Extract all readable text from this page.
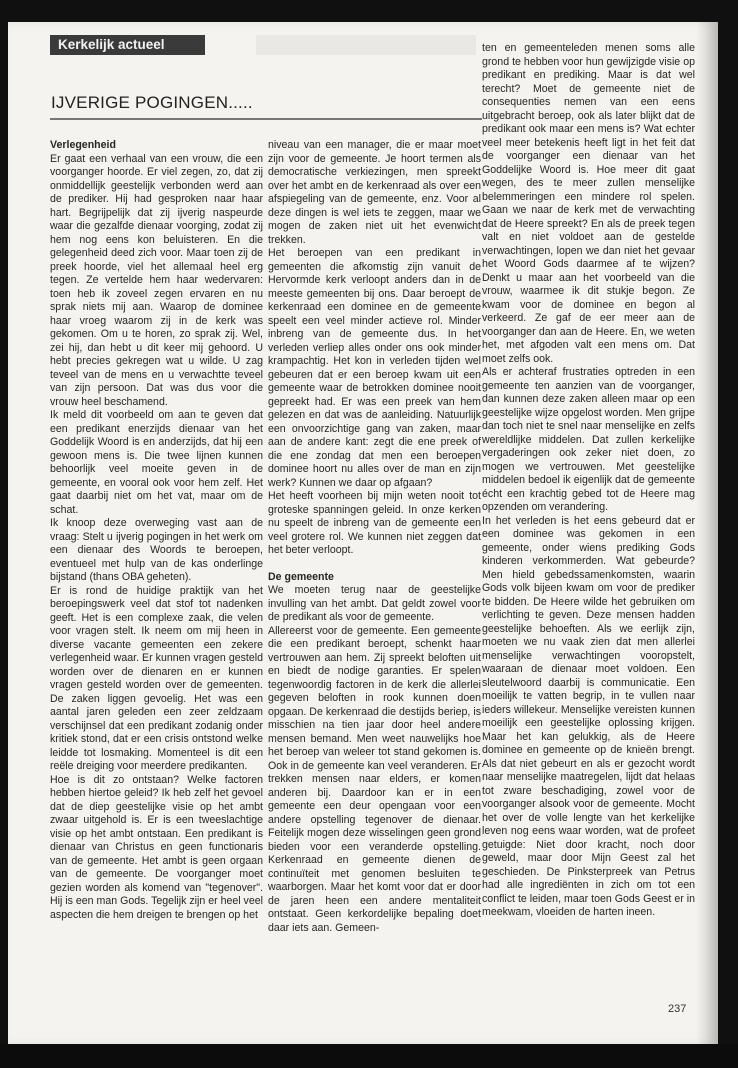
Kerkelijk actueel
IJVERIGE POGINGEN.....
Verlegenheid
Er gaat een verhaal van een vrouw, die een voorganger hoorde. Er viel zegen, zo, dat zij onmiddellijk geestelijk verbonden werd aan de prediker. Hij had gesproken naar haar hart. Begrijpelijk dat zij ijverig naspeurde waar die gezalfde dienaar voorging, zodat zij hem nog eens kon beluisteren. En die gelegenheid deed zich voor. Maar toen zij de preek hoorde, viel het allemaal heel erg tegen. Ze vertelde hem haar wedervaren: toen heb ik zoveel zegen ervaren en nu sprak niets mij aan. Waarop de dominee haar vroeg waarom zij in de kerk was gekomen. Om u te horen, zo sprak zij. Wel, zei hij, dan hebt u dit keer mij gehoord. U hebt precies gekregen wat u wilde. U zag teveel van de mens en u verwachtte teveel van zijn persoon. Dat was dus voor die vrouw heel beschamend.
Ik meld dit voorbeeld om aan te geven dat een predikant enerzijds dienaar van het Goddelijk Woord is en anderzijds, dat hij een gewoon mens is. Die twee lijnen kunnen behoorlijk veel moeite geven in de gemeente, en vooral ook voor hem zelf. Het gaat daarbij niet om het vat, maar om de schat.
Ik knoop deze overweging vast aan de vraag: Stelt u ijverig pogingen in het werk om een dienaar des Woords te beroepen, eventueel met hulp van de kas onderlinge bijstand (thans OBA geheten).
Er is rond de huidige praktijk van het beroepingswerk veel dat stof tot nadenken geeft. Het is een complexe zaak, die velen voor vragen stelt. Ik neem om mij heen in diverse vacante gemeenten een zekere verlegenheid waar. Er kunnen vragen gesteld worden over de dienaren en er kunnen vragen gesteld worden over de gemeenten. De zaken liggen gevoelig. Het was een aantal jaren geleden een zeer zeldzaam verschijnsel dat een predikant zodanig onder kritiek stond, dat er een crisis ontstond welke leidde tot losmaking. Momenteel is dit een reële dreiging voor meerdere predikanten.
Hoe is dit zo ontstaan? Welke factoren hebben hiertoe geleid? Ik heb zelf het gevoel dat de diep geestelijke visie op het ambt zwaar uitgehold is. Er is een tweeslachtige visie op het ambt ontstaan. Een predikant is dienaar van Christus en geen functionaris van de gemeente. Het ambt is geen orgaan van de gemeente. De voorganger moet gezien worden als komend van "tegenover". Hij is een man Gods. Tegelijk zijn er heel veel aspecten die hem dreigen te brengen op het
niveau van een manager, die er maar moet zijn voor de gemeente. Je hoort termen als democratische verkiezingen, men spreekt over het ambt en de kerkenraad als over een afspiegeling van de gemeente, enz. Voor al deze dingen is wel iets te zeggen, maar we mogen de zaken niet uit het evenwicht trekken.
Het beroepen van een predikant in gemeenten die afkomstig zijn vanuit de Hervormde kerk verloopt anders dan in de meeste gemeenten bij ons. Daar beroept de kerkenraad een dominee en de gemeente speelt een veel minder actieve rol. Minder inbreng van de gemeente dus. In het verleden verliep alles onder ons ook minder krampachtig. Het kon in verleden tijden wel gebeuren dat er een beroep kwam uit een gemeente waar de betrokken dominee nooit gepreekt had. Er was een preek van hem gelezen en dat was de aanleiding. Natuurlijk een onvoorzichtige gang van zaken, maar aan de andere kant: zegt die ene preek of die ene zondag dat men een beroepen dominee hoort nu alles over de man en zijn werk? Kunnen we daar op afgaan?
Het heeft voorheen bij mijn weten nooit tot groteske spanningen geleid. In onze kerken nu speelt de inbreng van de gemeente een veel grotere rol. We kunnen niet zeggen dat het beter verloopt.
De gemeente
We moeten terug naar de geestelijke invulling van het ambt. Dat geldt zowel voor de predikant als voor de gemeente.
Allereerst voor de gemeente. Een gemeente die een predikant beroept, schenkt haar vertrouwen aan hem. Zij spreekt beloften uit en biedt de nodige garanties. Er spelen tegenwoordig factoren in de kerk die allerlei gegeven beloften in rook kunnen doen opgaan. De kerkenraad die destijds beriep, is misschien na tien jaar door heel andere mensen bemand. Men weet nauwelijks hoe het beroep van weleer tot stand gekomen is. Ook in de gemeente kan veel veranderen. Er trekken mensen naar elders, er komen anderen bij. Daardoor kan er in een gemeente een deur opengaan voor een andere opstelling tegenover de dienaar. Feitelijk mogen deze wisselingen geen grond bieden voor een veranderde opstelling. Kerkenraad en gemeente dienen de continuïteit met genomen besluiten te waarborgen. Maar het komt voor dat er door de jaren heen een andere mentaliteit ontstaat. Geen kerkordelijke bepaling doet daar iets aan. Gemeen-
ten en gemeenteleden menen soms alle grond te hebben voor hun gewijzigde visie op predikant en prediking. Maar is dat wel terecht? Moet de gemeente niet de consequenties nemen van een eens uitgebracht beroep, ook als later blijkt dat de predikant ook maar een mens is? Wat echter veel meer betekenis heeft ligt in het feit dat de voorganger een dienaar van het Goddelijke Woord is. Hoe meer dit gaat wegen, des te meer zullen menselijke belemmeringen een mindere rol spelen. Gaan we naar de kerk met de verwachting dat de Heere spreekt? En als de preek tegen valt en niet voldoet aan de gestelde verwachtingen, lopen we dan niet het gevaar het Woord Gods daarmee af te wijzen? Denkt u maar aan het voorbeeld van die vrouw, waarmee ik dit stukje begon. Ze kwam voor de dominee en begon al verkeerd. Ze gaf de eer meer aan de voorganger dan aan de Heere. En, we weten het, met afgoden valt een mens om. Dat moet zelfs ook.
Als er achteraf frustraties optreden in een gemeente ten aanzien van de voorganger, dan kunnen deze zaken alleen maar op een geestelijke wijze opgelost worden. Men grijpe dan toch niet te snel naar menselijke en zelfs wereldlijke middelen. Dat zullen kerkelijke vergaderingen ook zeker niet doen, zo mogen we vertrouwen. Met geestelijke middelen bedoel ik eigenlijk dat de gemeente écht een krachtig gebed tot de Heere mag opzenden om verandering.
In het verleden is het eens gebeurd dat er een dominee was gekomen in een gemeente, onder wiens prediking Gods kinderen verkommerden. Wat gebeurde? Men hield gebedssamenkomsten, waarin Gods volk bijeen kwam om voor de prediker te bidden. De Heere wilde het gebruiken om verlichting te geven. Deze mensen hadden geestelijke behoeften. Als we eerlijk zijn, moeten we nu vaak zien dat men allerlei menselijke verwachtingen vooropstelt, waaraan de dienaar moet voldoen. Een sleutelwoord daarbij is communicatie. Een moeilijk te vatten begrip, in te vullen naar ieders willekeur. Menselijke vereisten kunnen moeilijk een geestelijke oplossing krijgen. Maar het kan gelukkig, als de Heere dominee en gemeente op de knieën brengt. Als dat niet gebeurt en als er gezocht wordt naar menselijke maatregelen, lijdt dat helaas tot zware beschadiging, zowel voor de voorganger alsook voor de gemeente. Mocht het over de volle lengte van het kerkelijke leven nog eens waar worden, wat de profeet getuigde: Niet door kracht, noch door geweld, maar door Mijn Geest zal het geschieden. De Pinksterpreek van Petrus had alle ingrediënten in zich om tot een conflict te leiden, maar toen Gods Geest er in meekwam, vloeiden de harten ineen.
237
